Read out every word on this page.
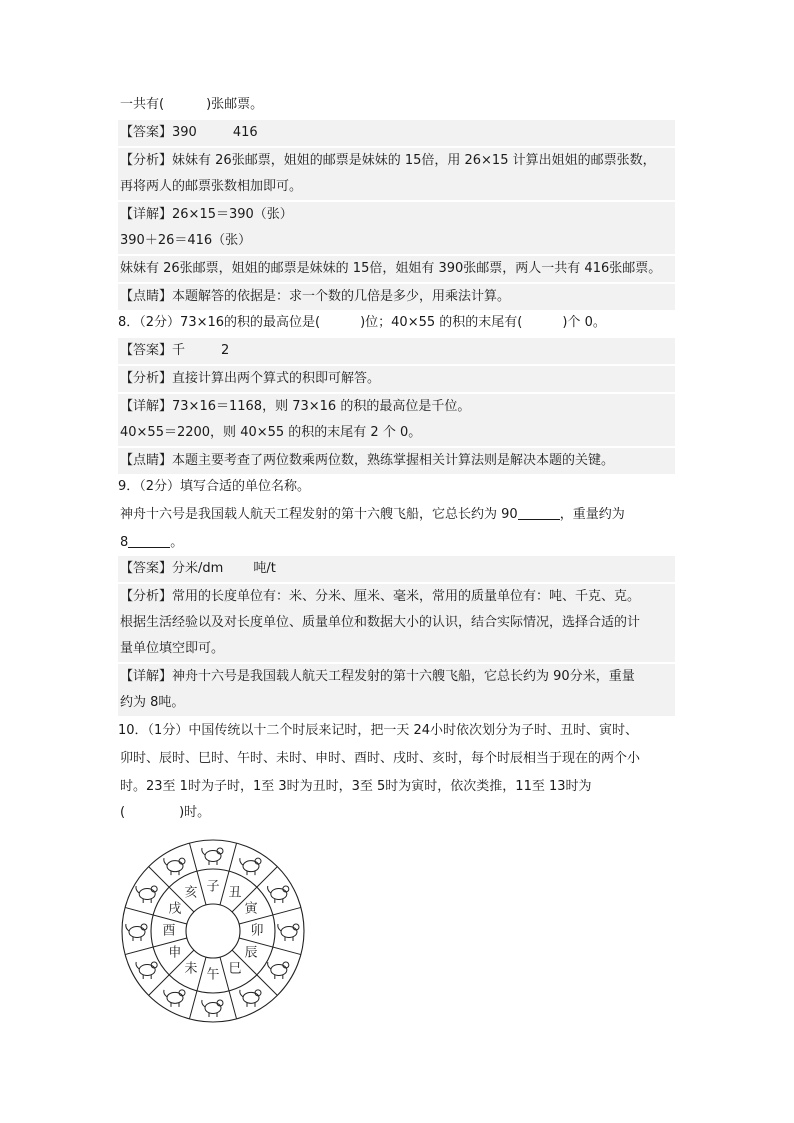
一共有(	)张邮票。
【答案】390	416
【分析】妹妹有 26张邮票，姐姐的邮票是妹妹的 15倍，用 26×15 计算出姐姐的邮票张数，
再将两人的邮票张数相加即可。
【详解】26×15＝390（张）
390＋26＝416（张）
妹妹有 26张邮票，姐姐的邮票是妹妹的 15倍，姐姐有 390张邮票，两人一共有 416张邮票。
【点睛】本题解答的依据是：求一个数的几倍是多少，用乘法计算。
8．（2分）73×16的积的最高位是(	)位；40×55 的积的末尾有(	)个 0。
【答案】千	2
【分析】直接计算出两个算式的积即可解答。
【详解】73×16＝1168，则 73×16 的积的最高位是千位。
40×55＝2200，则 40×55 的积的末尾有 2 个 0。
【点睛】本题主要考查了两位数乘两位数，熟练掌握相关计算法则是解决本题的关键。
9．（2分）填写合适的单位名称。
神舟十六号是我国载人航天工程发射的第十六艘飞船，它总长约为 90	，重量约为
8	。
【答案】分米/dm 吨/t
【分析】常用的长度单位有：米、分米、厘米、毫米，常用的质量单位有：吨、千克、克。
根据生活经验以及对长度单位、质量单位和数据大小的认识，结合实际情况，选择合适的计
量单位填空即可。
【详解】神舟十六号是我国载人航天工程发射的第十六艘飞船，它总长约为 90分米，重量
约为 8吨。
10．（1分）中国传统以十二个时辰来记时，把一天 24小时依次划分为子时、丑时、寅时、
卯时、辰时、巳时、午时、未时、申时、酉时、戌时、亥时，每个时辰相当于现在的两个小
时。23至 1时为子时，1至 3时为丑时，3至 5时为寅时，依次类推，11至 13时为
(	)时。
子 丑
寅
卯
辰
巳
午
未
申
酉
戌
亥
